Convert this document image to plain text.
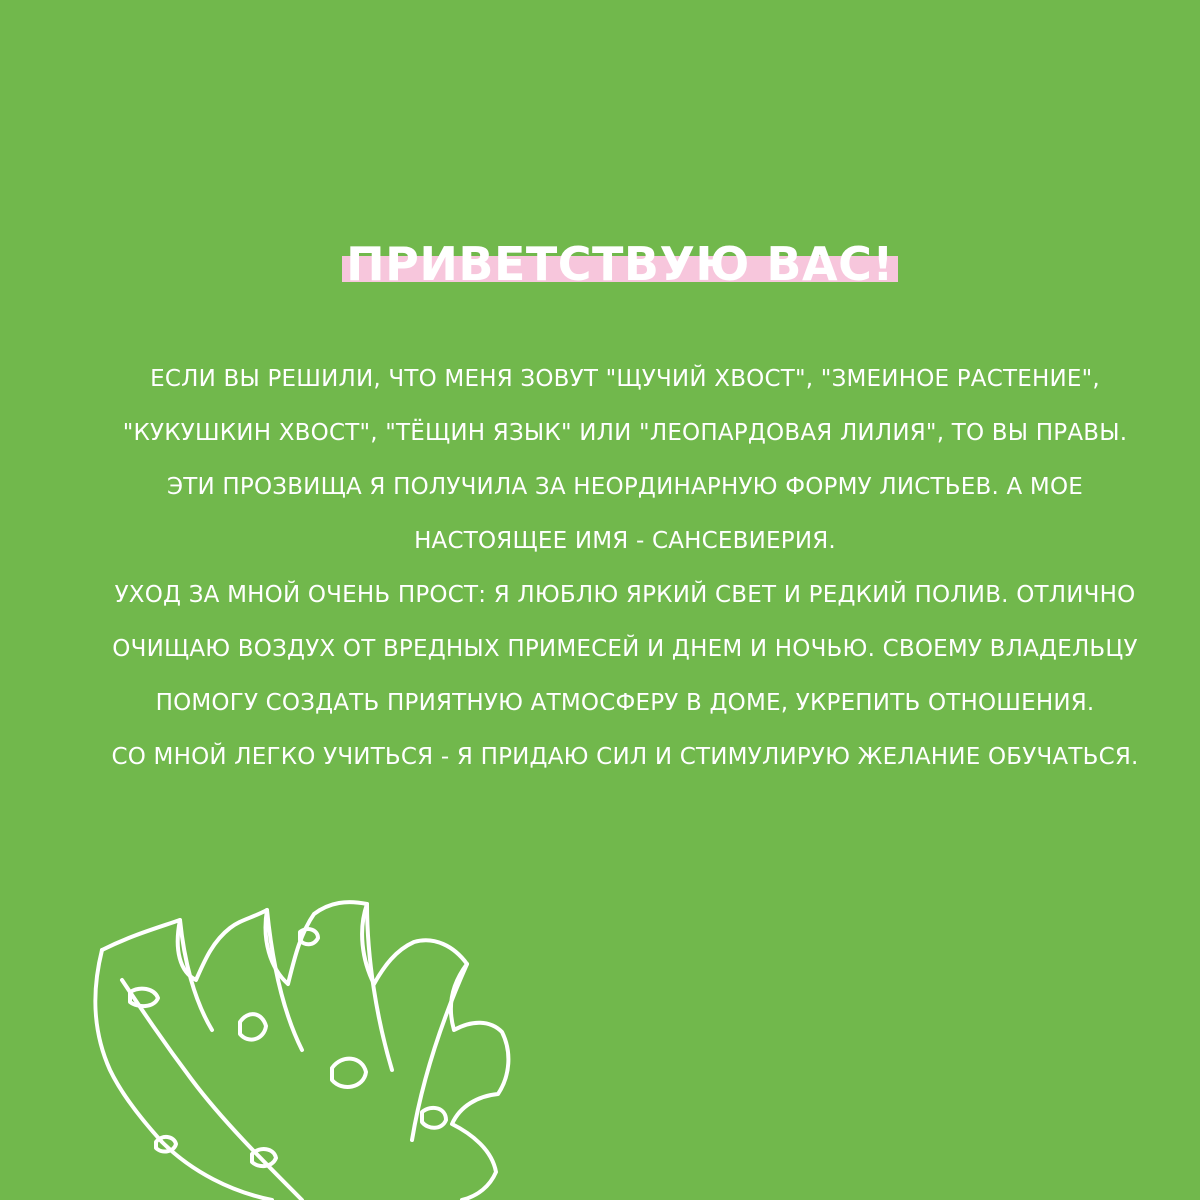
ПРИВЕТСТВУЮ ВАС!
ЕСЛИ ВЫ РЕШИЛИ, ЧТО МЕНЯ ЗОВУТ "ЩУЧИЙ ХВОСТ", "ЗМЕИНОЕ РАСТЕНИЕ", "КУКУШКИН ХВОСТ", "ТЁЩИН ЯЗЫК" ИЛИ "ЛЕОПАРДОВАЯ ЛИЛИЯ", ТО ВЫ ПРАВЫ. ЭТИ ПРОЗВИЩА Я ПОЛУЧИЛА ЗА НЕОРДИНАРНУЮ ФОРМУ ЛИСТЬЕВ. А МОЕ НАСТОЯЩЕЕ ИМЯ - САНСЕВИЕРИЯ.
УХОД ЗА МНОЙ ОЧЕНЬ ПРОСТ: Я ЛЮБЛЮ ЯРКИЙ СВЕТ И РЕДКИЙ ПОЛИВ. ОТЛИЧНО ОЧИЩАЮ ВОЗДУХ ОТ ВРЕДНЫХ ПРИМЕСЕЙ И ДНЕМ И НОЧЬЮ. СВОЕМУ ВЛАДЕЛЬЦУ ПОМОГУ СОЗДАТЬ ПРИЯТНУЮ АТМОСФЕРУ В ДОМЕ, УКРЕПИТЬ ОТНОШЕНИЯ.
СО МНОЙ ЛЕГКО УЧИТЬСЯ - Я ПРИДАЮ СИЛ И СТИМУЛИРУЮ ЖЕЛАНИЕ ОБУЧАТЬСЯ.
